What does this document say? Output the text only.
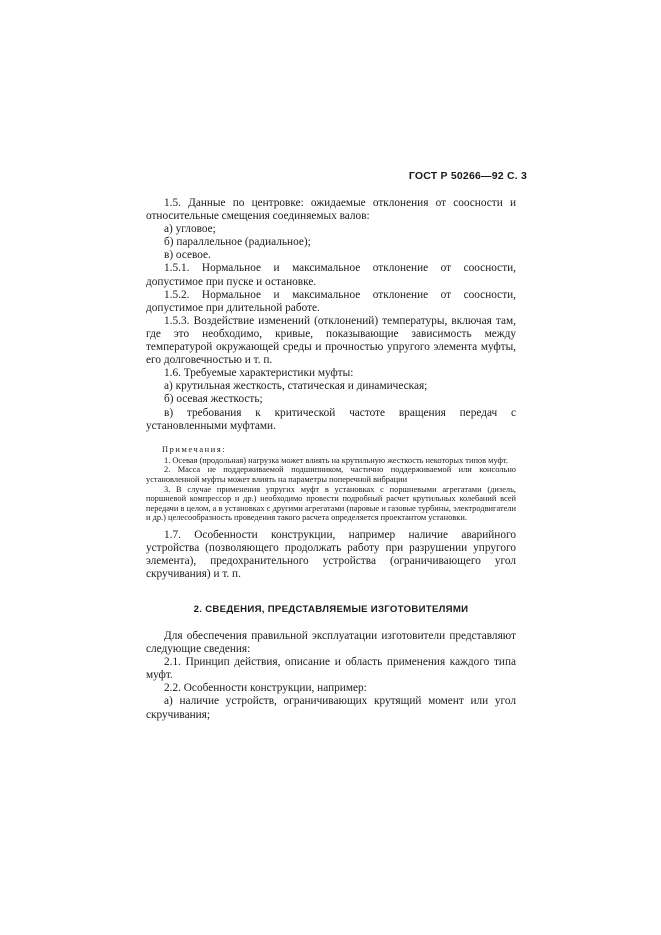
ГОСТ Р 50266—92 С. 3

1.5. Данные по центровке: ожидаемые отклонения от соосности и относительные смещения соединяемых валов:

а) угловое;

б) параллельное (радиальное);

в) осевое.

1.5.1. Нормальное и максимальное отклонение от соосности, допустимое при пуске и остановке.

1.5.2. Нормальное и максимальное отклонение от соосности, допустимое при длительной работе.

1.5.3. Воздействие изменений (отклонений) температуры, включая там, где это необходимо, кривые, показывающие зависимость между температурой окружающей среды и прочностью упругого элемента муфты, его долговечностью и т. п.

1.6. Требуемые характеристики муфты:

а) крутильная жесткость, статическая и динамическая;

б) осевая жесткость;

в) требования к критической частоте вращения передач с установленными муфтами.

Примечания:

1. Осевая (продольная) нагрузка может влиять на крутильную жесткость некоторых типов муфт.

2. Масса не поддерживаемой подшипником, частично поддерживаемой или консольно установленной муфты может влиять на параметры поперечной вибрации

3. В случае применения упругих муфт в установках с поршневыми агрегатами (дизель, поршневой компрессор и др.) необходимо провести подробный расчет крутильных колебаний всей передачи в целом, а в установках с другими агрегатами (паровые и газовые турбины, электродвигатели и др.) целесообразность проведения такого расчета определяется проектантом установки.

1.7. Особенности конструкции, например наличие аварийного устройства (позволяющего продолжать работу при разрушении упругого элемента), предохранительного устройства (ограничивающего угол скручивания) и т. п.

2. СВЕДЕНИЯ, ПРЕДСТАВЛЯЕМЫЕ ИЗГОТОВИТЕЛЯМИ

Для обеспечения правильной эксплуатации изготовители представляют следующие сведения:

2.1. Принцип действия, описание и область применения каждого типа муфт.

2.2. Особенности конструкции, например:

а) наличие устройств, ограничивающих крутящий момент или угол скручивания;
